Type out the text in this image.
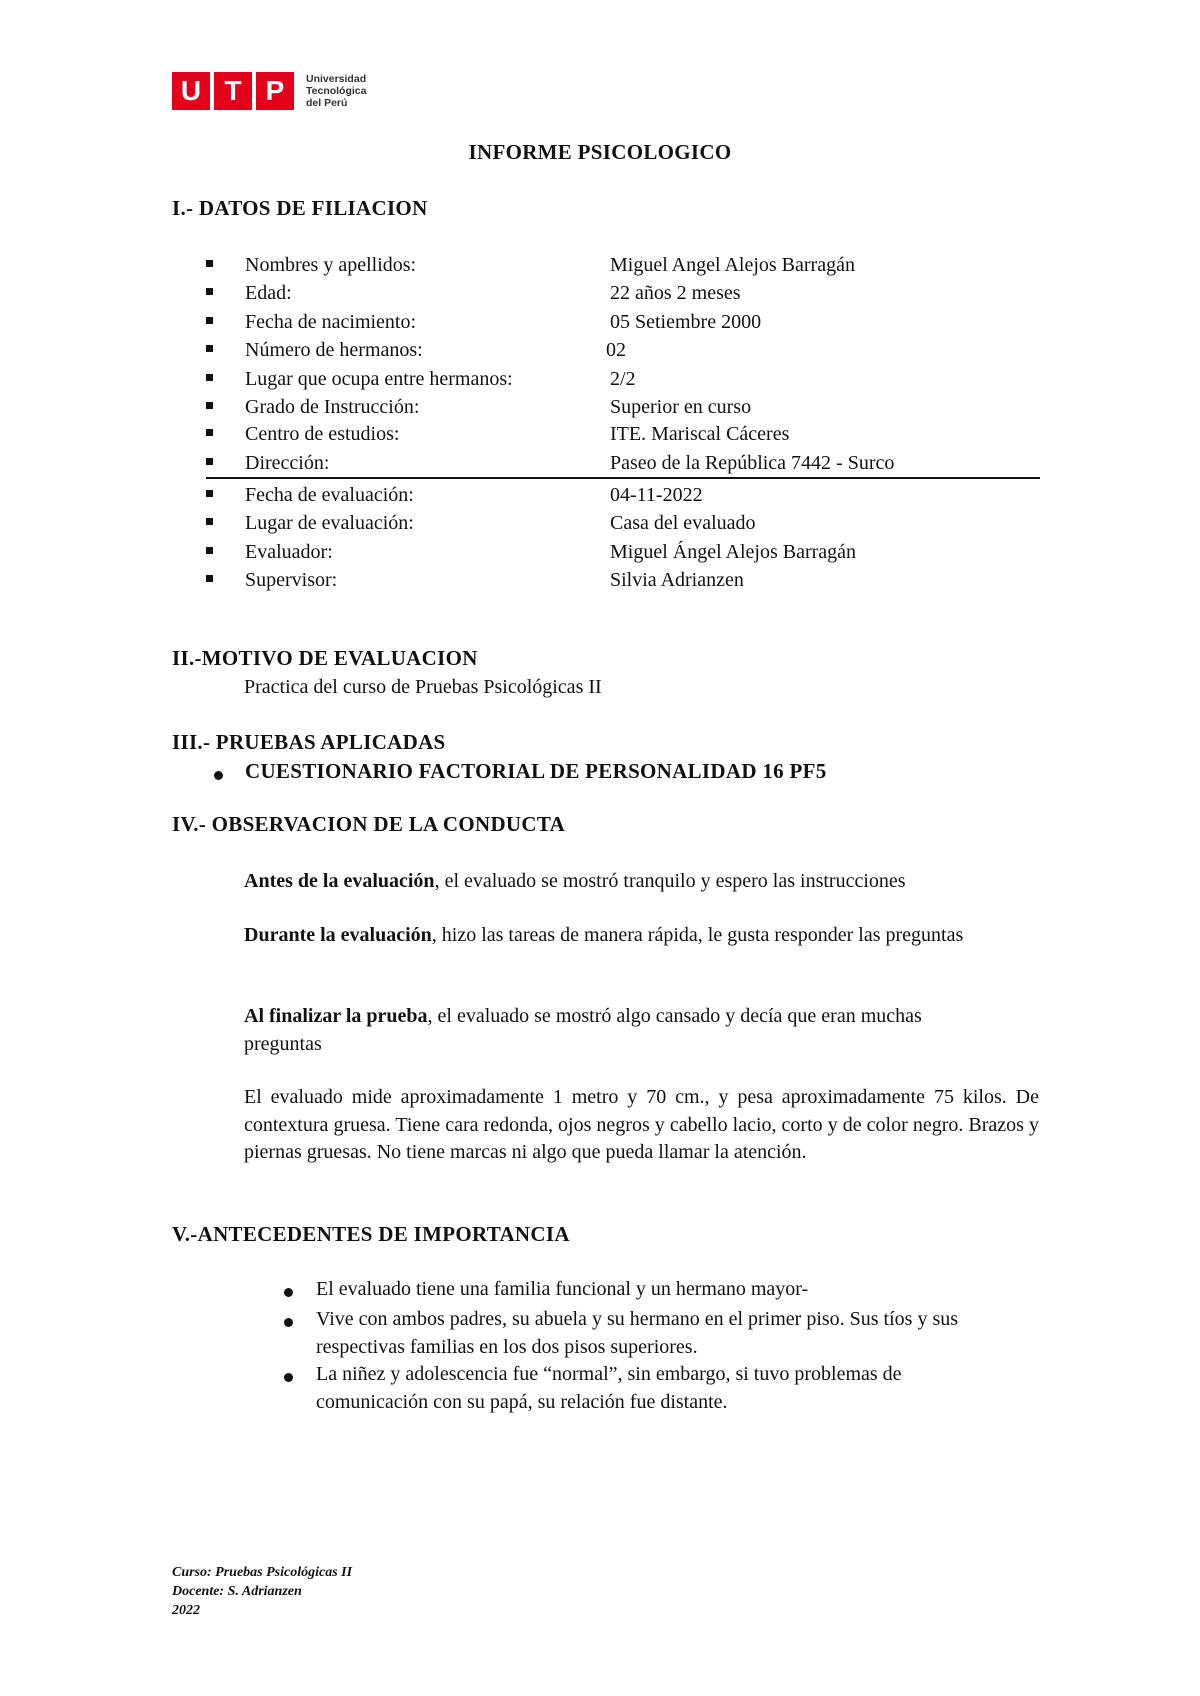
U T P	Universidad
Tecnológica
del Perú
INFORME PSICOLOGICO
I.- DATOS DE FILIACION
Nombres y apellidos:	Miguel Angel Alejos Barragán
Edad:	22 años 2 meses
Fecha de nacimiento:	05 Setiembre 2000
Número de hermanos:	02
Lugar que ocupa entre hermanos:	2/2
Grado de Instrucción:	Superior en curso
Centro de estudios:	ITE. Mariscal Cáceres
Dirección:	Paseo de la República 7442 - Surco
Fecha de evaluación:	04-11-2022
Lugar de evaluación:	Casa del evaluado
Evaluador:	Miguel Ángel Alejos Barragán
Supervisor:	Silvia Adrianzen
II.-MOTIVO DE EVALUACION
Practica del curso de Pruebas Psicológicas II
III.- PRUEBAS APLICADAS
CUESTIONARIO FACTORIAL DE PERSONALIDAD 16 PF5
IV.- OBSERVACION DE LA CONDUCTA
Antes de la evaluación, el evaluado se mostró tranquilo y espero las instrucciones
Durante la evaluación, hizo las tareas de manera rápida, le gusta responder las preguntas
Al finalizar la prueba, el evaluado se mostró algo cansado y decía que eran muchas preguntas
El evaluado mide aproximadamente 1 metro y 70 cm., y pesa aproximadamente 75 kilos. De contextura gruesa. Tiene cara redonda, ojos negros y cabello lacio, corto y de color negro. Brazos y piernas gruesas. No tiene marcas ni algo que pueda llamar la atención.
V.-ANTECEDENTES DE IMPORTANCIA
El evaluado tiene una familia funcional y un hermano mayor-
Vive con ambos padres, su abuela y su hermano en el primer piso. Sus tíos y sus respectivas familias en los dos pisos superiores.
La niñez y adolescencia fue “normal”, sin embargo, si tuvo problemas de comunicación con su papá, su relación fue distante.
Curso: Pruebas Psicológicas II
Docente: S. Adrianzen
2022
